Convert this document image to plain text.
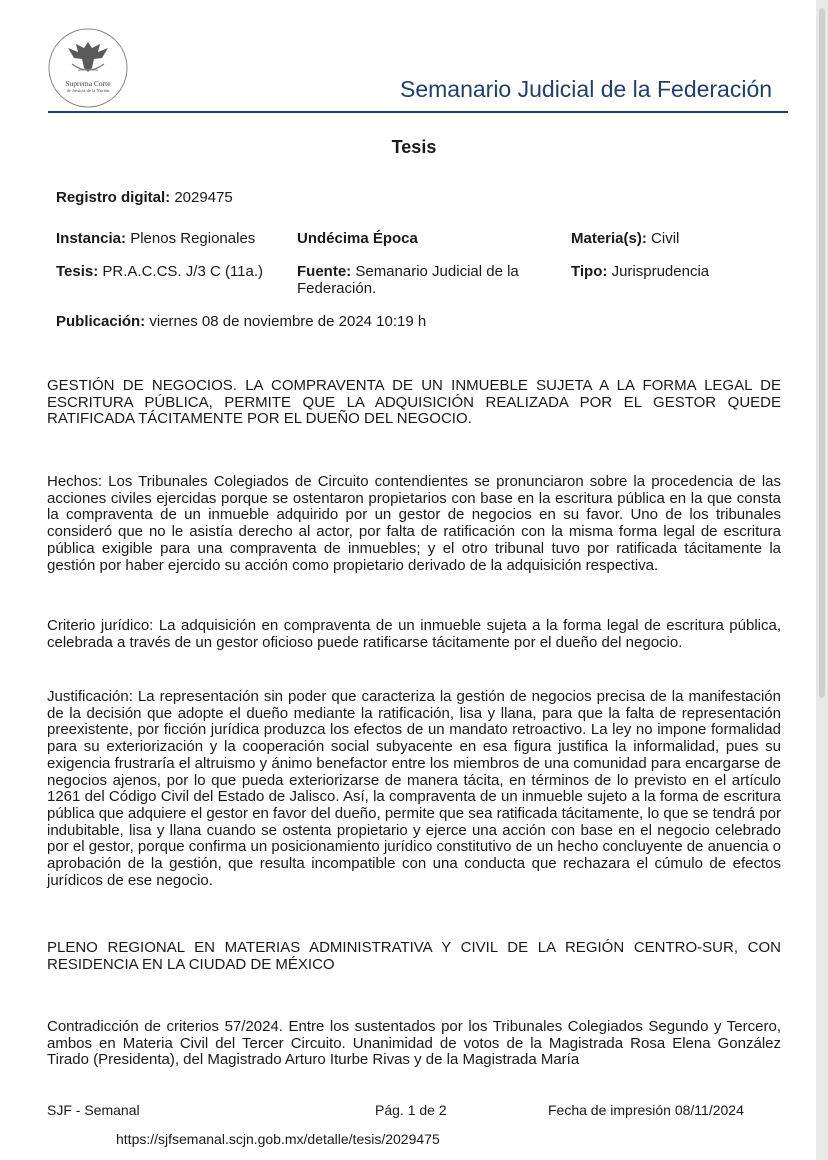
Suprema Corte
de Justicia de la Nación	Semanario Judicial de la Federación
Tesis
Registro digital: 2029475
Instancia: Plenos Regionales	Undécima Época	Materia(s): Civil
Tesis: PR.A.C.CS. J/3 C (11a.) Fuente: Semanario Judicial de la
Federación.
Tipo: Jurisprudencia
Publicación: viernes 08 de noviembre de 2024 10:19 h

GESTIÓN DE NEGOCIOS. LA COMPRAVENTA DE UN INMUEBLE SUJETA A LA FORMA LEGAL DE ESCRITURA PÚBLICA, PERMITE QUE LA ADQUISICIÓN REALIZADA POR EL GESTOR QUEDE RATIFICADA TÁCITAMENTE POR EL DUEÑO DEL NEGOCIO.

Hechos: Los Tribunales Colegiados de Circuito contendientes se pronunciaron sobre la procedencia de las acciones civiles ejercidas porque se ostentaron propietarios con base en la escritura pública en la que consta la compraventa de un inmueble adquirido por un gestor de negocios en su favor. Uno de los tribunales consideró que no le asistía derecho al actor, por falta de ratificación con la misma forma legal de escritura pública exigible para una compraventa de inmuebles; y el otro tribunal tuvo por ratificada tácitamente la gestión por haber ejercido su acción como propietario derivado de la adquisición respectiva.

Criterio jurídico: La adquisición en compraventa de un inmueble sujeta a la forma legal de escritura pública, celebrada a través de un gestor oficioso puede ratificarse tácitamente por el dueño del negocio.

Justificación: La representación sin poder que caracteriza la gestión de negocios precisa de la manifestación de la decisión que adopte el dueño mediante la ratificación, lisa y llana, para que la falta de representación preexistente, por ficción jurídica produzca los efectos de un mandato retroactivo. La ley no impone formalidad para su exteriorización y la cooperación social subyacente en esa figura justifica la informalidad, pues su exigencia frustraría el altruismo y ánimo benefactor entre los miembros de una comunidad para encargarse de negocios ajenos, por lo que pueda exteriorizarse de manera tácita, en términos de lo previsto en el artículo 1261 del Código Civil del Estado de Jalisco. Así, la compraventa de un inmueble sujeto a la forma de escritura pública que adquiere el gestor en favor del dueño, permite que sea ratificada tácitamente, lo que se tendrá por indubitable, lisa y llana cuando se ostenta propietario y ejerce una acción con base en el negocio celebrado por el gestor, porque confirma un posicionamiento jurídico constitutivo de un hecho concluyente de anuencia o aprobación de la gestión, que resulta incompatible con una conducta que rechazara el cúmulo de efectos jurídicos de ese negocio.

PLENO REGIONAL EN MATERIAS ADMINISTRATIVA Y CIVIL DE LA REGIÓN CENTRO-SUR, CON RESIDENCIA EN LA CIUDAD DE MÉXICO

Contradicción de criterios 57/2024. Entre los sustentados por los Tribunales Colegiados Segundo y Tercero, ambos en Materia Civil del Tercer Circuito. Unanimidad de votos de la Magistrada Rosa Elena González Tirado (Presidenta), del Magistrado Arturo Iturbe Rivas y de la Magistrada María

SJF - Semanal	Pág. 1 de 2	Fecha de impresión 08/11/2024
https://sjfsemanal.scjn.gob.mx/detalle/tesis/2029475
